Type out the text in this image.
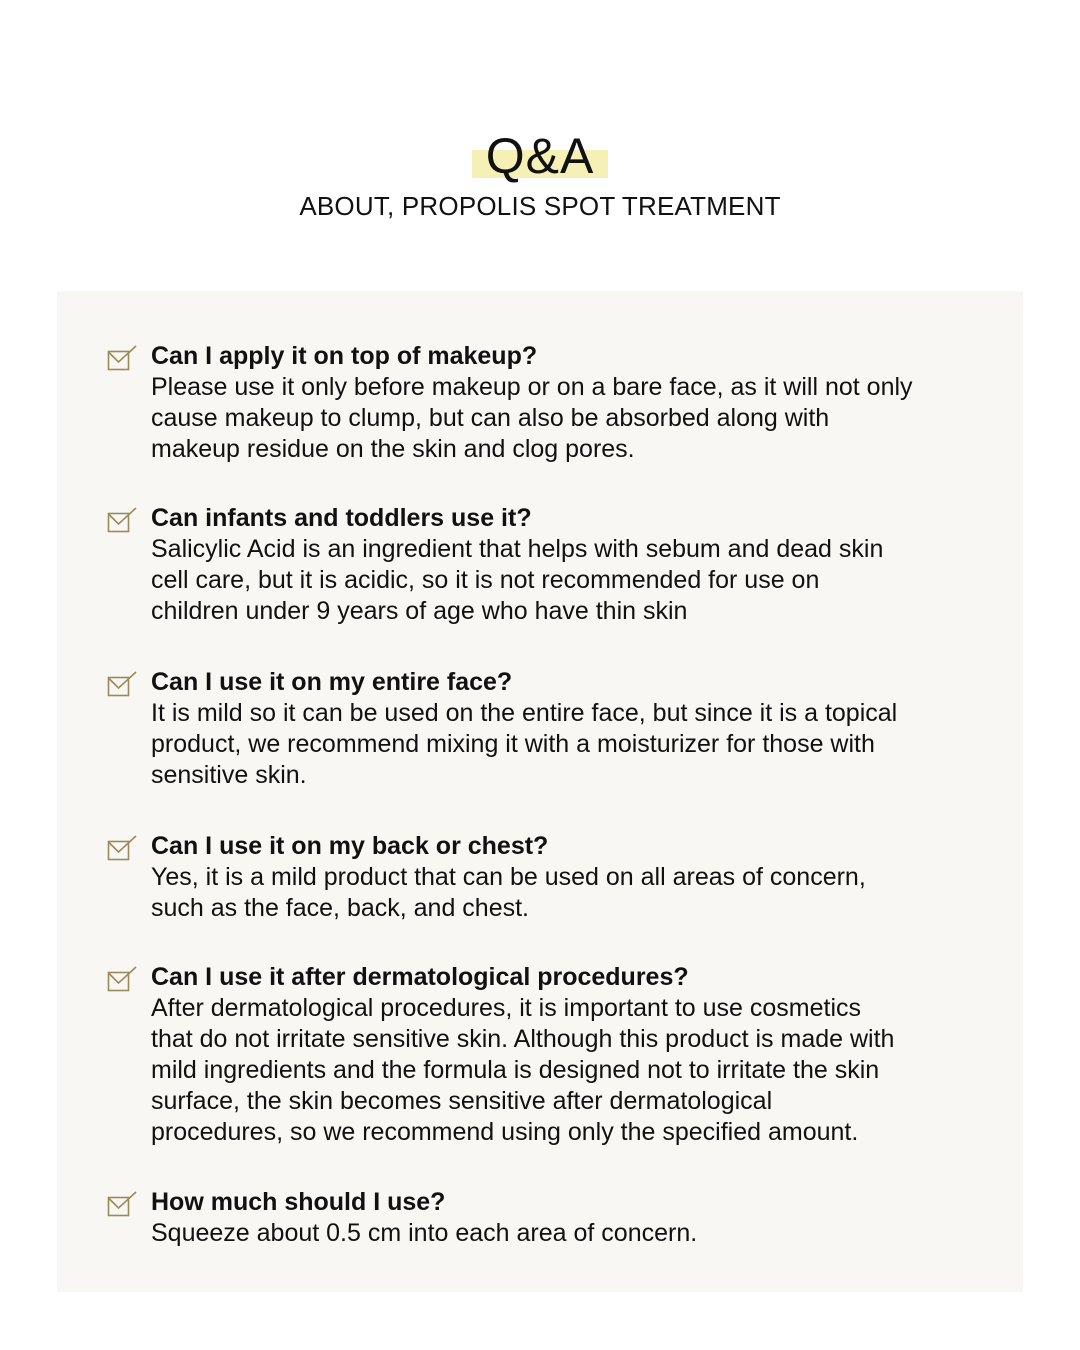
Q&A
ABOUT, PROPOLIS SPOT TREATMENT
Can I apply it on top of makeup?
Please use it only before makeup or on a bare face, as it will not only
cause makeup to clump, but can also be absorbed along with
makeup residue on the skin and clog pores.
Can infants and toddlers use it?
Salicylic Acid is an ingredient that helps with sebum and dead skin
cell care, but it is acidic, so it is not recommended for use on
children under 9 years of age who have thin skin
Can I use it on my entire face?
It is mild so it can be used on the entire face, but since it is a topical
product, we recommend mixing it with a moisturizer for those with
sensitive skin.
Can I use it on my back or chest?
Yes, it is a mild product that can be used on all areas of concern,
such as the face, back, and chest.
Can I use it after dermatological procedures?
After dermatological procedures, it is important to use cosmetics
that do not irritate sensitive skin. Although this product is made with
mild ingredients and the formula is designed not to irritate the skin
surface, the skin becomes sensitive after dermatological
procedures, so we recommend using only the specified amount.
How much should I use?
Squeeze about 0.5 cm into each area of concern.
